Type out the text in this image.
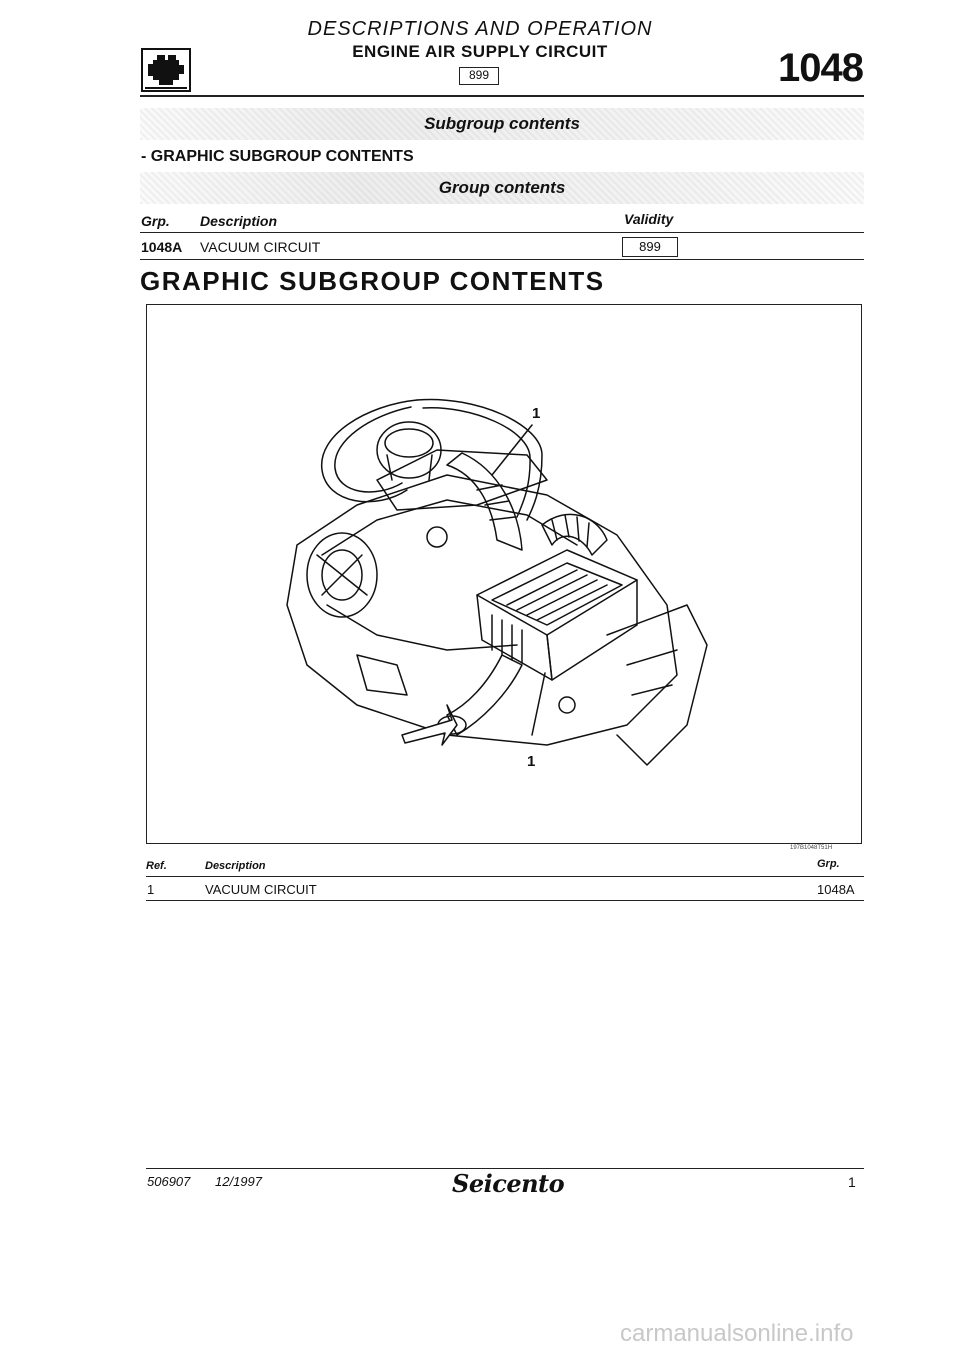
DESCRIPTIONS AND OPERATION
ENGINE AIR SUPPLY CIRCUIT
899	1048
Subgroup contents
- GRAPHIC SUBGROUP CONTENTS
Group contents
Grp. Description	Validity
1048A VACUUM CIRCUIT	899
GRAPHIC SUBGROUP CONTENTS
1
1
197B1048T51H
Ref.	Description	Grp.
1	VACUUM CIRCUIT	1048A
506907 12/1997	Seicento	1
carmanualsonline.info
